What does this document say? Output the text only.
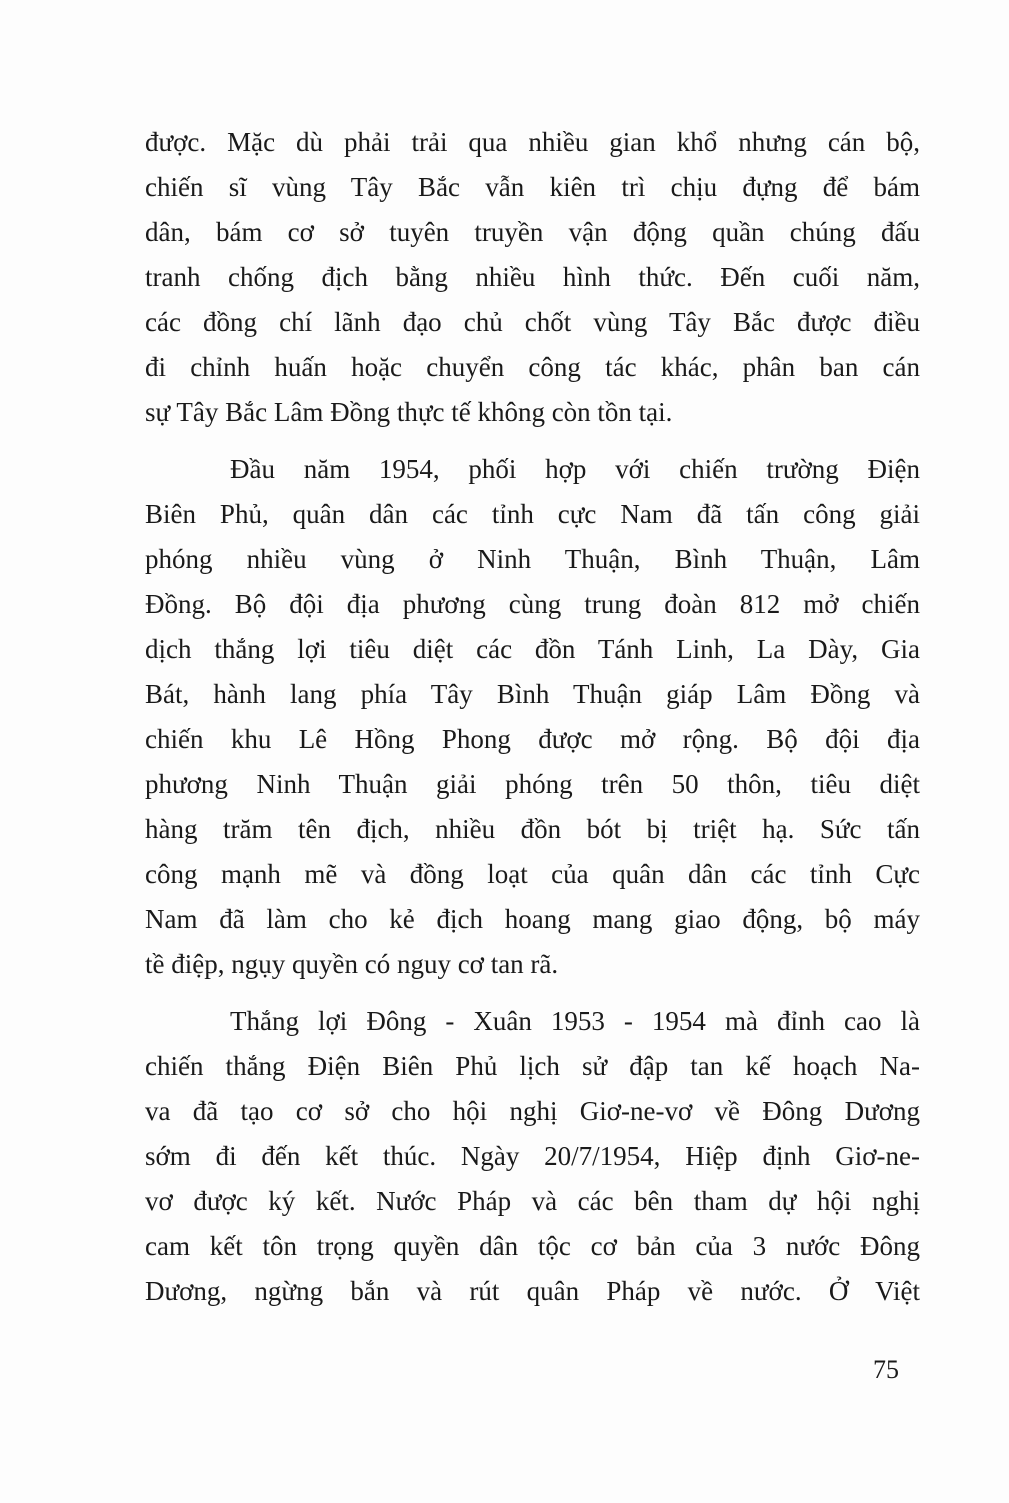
được. Mặc dù phải trải qua nhiều gian khổ nhưng cán bộ,
chiến sĩ vùng Tây Bắc vẫn kiên trì chịu đựng để bám
dân, bám cơ sở tuyên truyền vận động quần chúng đấu
tranh chống địch bằng nhiều hình thức. Đến cuối năm,
các đồng chí lãnh đạo chủ chốt vùng Tây Bắc được điều
đi chỉnh huấn hoặc chuyển công tác khác, phân ban cán
sự Tây Bắc Lâm Đồng thực tế không còn tồn tại.
Đầu năm 1954, phối hợp với chiến trường Điện
Biên Phủ, quân dân các tỉnh cực Nam đã tấn công giải
phóng nhiều vùng ở Ninh Thuận, Bình Thuận, Lâm
Đồng. Bộ đội địa phương cùng trung đoàn 812 mở chiến
dịch thắng lợi tiêu diệt các đồn Tánh Linh, La Dày, Gia
Bát, hành lang phía Tây Bình Thuận giáp Lâm Đồng và
chiến khu Lê Hồng Phong được mở rộng. Bộ đội địa
phương Ninh Thuận giải phóng trên 50 thôn, tiêu diệt
hàng trăm tên địch, nhiều đồn bót bị triệt hạ. Sức tấn
công mạnh mẽ và đồng loạt của quân dân các tỉnh Cực
Nam đã làm cho kẻ địch hoang mang giao động, bộ máy
tề điệp, ngụy quyền có nguy cơ tan rã.
Thắng lợi Đông - Xuân 1953 - 1954 mà đỉnh cao là
chiến thắng Điện Biên Phủ lịch sử đập tan kế hoạch Na-
va đã tạo cơ sở cho hội nghị Giơ-ne-vơ về Đông Dương
sớm đi đến kết thúc. Ngày 20/7/1954, Hiệp định Giơ-ne-
vơ được ký kết. Nước Pháp và các bên tham dự hội nghị
cam kết tôn trọng quyền dân tộc cơ bản của 3 nước Đông
Dương, ngừng bắn và rút quân Pháp về nước. Ở Việt
75
